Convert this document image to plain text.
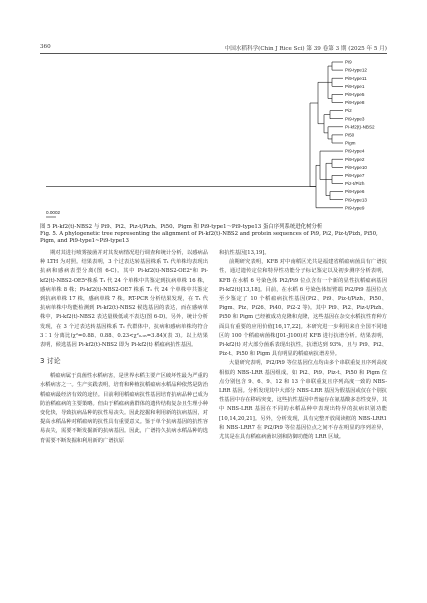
360	中国水稻科学(Chin J Rice Sci) 第 39 卷第 3 期 (2025 年 5 月)
Pi9
Pi9-type12
Pi9-type11
Pi9-type1
Pi9-type5
Pi9-type8
Pi2
Pi9-type3
Pi-kf2(t)-NBS2
Pi50
Pigm
Pi9-type4
Pi9-type2
Pi9-type10
Pi9-type7
Piz-t/Pizh
Pi9-type6
Pi9-type13
Pi9-type9
0.0002
图 5 Pi-kf2(t)-NBS2 与 Pi9、Pi2、Piz-t/Pizh、Pi50、Pigm 和 Pi9-type1～Pi9-type13 蛋白序列系统进化树分析
Fig. 5. A phylogenetic tree representing the alignment of Pi-kf2(t)-NBS2 and protein sequences of Pi9, Pi2, Piz-t/Pizh, Pi50, Pigm, and Pi9-type1~Pi9-type13

期对其进行喷雾接菌并对其发病情况进行调查和统计分析，以感病品种 LTH 为对照。结果表明，3 个过表达转基因株系 T₁ 代单株均表现出抗病和感病表型分离(图 6-C)。其中 Pi-kf2(t)-NBS2-OE2ᵃ和 Pi-kf2(t)-NBS2-OE5ᵃ株系 T₁ 代 24 个单株中共鉴定到抗病单株 16 株，感病单株 8 株；Pi-kf2(t)-NBS2-OE7 株系 T₁ 代 24 个单株中共鉴定到抗病单株 17 株，感病单株 7 株。RT-PCR 分析结果发现，在 T₁ 代抗病单株中均能检测到 Pi-kf2(t)-NBS2 候选基因的表达，而在感病单株中，Pi-kf2(t)-NBS2 表达量极低或不表达(图 6-D)。另外，统计分析发现，在 3 个过表达转基因株系 T₁ 代群体中，抗病和感病单株均符合 3∶1 分离比(χ²=0.88、0.88、0.23<χ²₀.₀₅=3.84)(表 3)。以上结果表明，候选基因 Pi-kf2(t)-NBS2 即为 Pi-kf2(t) 稻瘟病抗性基因。

3 讨论

稻瘟病属于真菌性水稻病害，是世界水稻主要产区破坏性最为严重的水稻病害之一。生产实践表明，培育和种植抗稻瘟病水稻品种依然是防治稻瘟病最经济有效的途径。目前利用稻瘟病抗性基因培育抗病品种已成为防治稻瘟病的主要策略。但由于稻瘟病菌群体的遗传结构复杂且生理小种变化快，导致抗病品种的抗性易丧失。因此挖掘和利用新的抗病基因，对提高水稻品种对稻瘟病的抗性具有重要意义。鉴于单个抗病基因的抗性容易丧失，需要不断发掘新的抗病基因。因此，广谱持久抗病水稻品种的选育需要不断发掘和利用新的广谱抗原

和抗性基因[13,19]。

前期研究表明，KFB 对中南稻区光共是福建省稻瘟病菌具有广谱抗性，通过遗传定位和特异性功能分子标记鉴定以及初步测序分析表明，KFB 在水稻 6 号染色体 Pi2/Pi9 位点含有一个新的显性抗稻瘟病基因 Pi-kf2(t)[13,18]。目前，在水稻 6 号染色体短臂端 Pi2/Pi9 基因位点至少鉴定了 10 个稻瘟病抗性基因(Pi2、Pi9、Piz-t/Pizh、Pi50、Pigm、Piz、Pi26、Pi40、Pi2-2 等)。其中 Pi9、Pi2、Piz-t/Pizh、Pi50 和 Pigm 已经被成功克隆和克隆，这些基因在杂交水稻抗性育种方面具有重要的应用价值[16,17,22]。本研究进一步利用来自全国不同地区的 100 个稻瘟病菌株(J01-J100)对 KFB 进行抗谱分析。结果表明，Pi-kf2(t) 对大部分菌系表现出抗性，抗谱达到 93%，且与 Pi9、Pi2、Piz-t、Pi50 和 Pigm 具有明显的稻瘟病抗谱差异。

大量研究表明，Pi2/Pi9 等位基因位点均由多个串联重复且序列高度相似的 NBS-LRR 基因组成。如 Pi2、Pi9、Piz-t、Pi50 和 Pigm 位点分别包含 9、6、9、12 和 13 个串联重复且序列高度一致的 NBS-LRR 基因。分析发现其中大部分 NBS-LRR 基因为假基因或仅在个别抗性基因中存在移码突变，这些抗性基因中普遍存在氨基酸多态性变异，其中 NBS-LRR 基因在不同的水稻品种中表现出特异的抗病识别功能[10,14,20,21]。另外，分析发现，具有完整开放阅读框的 NBS-LRR1 和 NBS-LRR7 在 Pi2/Pi9 等位基因位点之间不存在明显的序列差异，尤其是在具有稻瘟病菌识别和防御功能的 LRR 区域。
